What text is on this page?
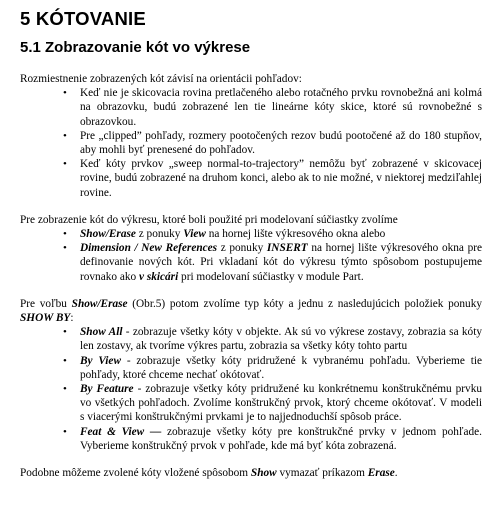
5 KÓTOVANIE
5.1 Zobrazovanie kót vo výkrese

Rozmiestnenie zobrazených kót závisí na orientácii pohľadov:

• Keď nie je skicovacia rovina pretlačeného alebo rotačného prvku rovnobežná ani kolmá na obrazovku, budú zobrazené len tie lineárne kóty skice, ktoré sú rovnobežné s obrazovkou.
• Pre „clipped” pohľady, rozmery pootočených rezov budú pootočené až do 180 stupňov, aby mohli byť prenesené do pohľadov.
• Keď kóty prvkov „sweep normal-to-trajectory” nemôžu byť zobrazené v skicovacej rovine, budú zobrazené na druhom konci, alebo ak to nie možné, v niektorej medziľahlej rovine.

Pre zobrazenie kót do výkresu, ktoré boli použité pri modelovaní súčiastky zvolíme

• Show/Erase z ponuky View na hornej lište výkresového okna alebo
• Dimension / New References z ponuky INSERT na hornej lište výkresového okna pre definovanie nových kót. Pri vkladaní kót do výkresu týmto spôsobom postupujeme rovnako ako v skicári pri modelovaní súčiastky v module Part.

Pre voľbu Show/Erase (Obr.5) potom zvolíme typ kóty a jednu z nasledujúcich položiek ponuky SHOW BY:

• Show All - zobrazuje všetky kóty v objekte. Ak sú vo výkrese zostavy, zobrazia sa kóty len zostavy, ak tvoríme výkres partu, zobrazia sa všetky kóty tohto partu
• By View - zobrazuje všetky kóty pridružené k vybranému pohľadu. Vyberieme tie pohľady, ktoré chceme nechať okótovať.
• By Feature - zobrazuje všetky kóty pridružené ku konkrétnemu konštrukčnému prvku vo všetkých pohľadoch. Zvolíme konštrukčný prvok, ktorý chceme okótovať. V modeli s viacerými konštrukčnými prvkami je to najjednoduchší spôsob práce.
• Feat & View — zobrazuje všetky kóty pre konštrukčné prvky v jednom pohľade. Vyberieme konštrukčný prvok v pohľade, kde má byť kóta zobrazená.

Podobne môžeme zvolené kóty vložené spôsobom Show vymazať príkazom Erase.
